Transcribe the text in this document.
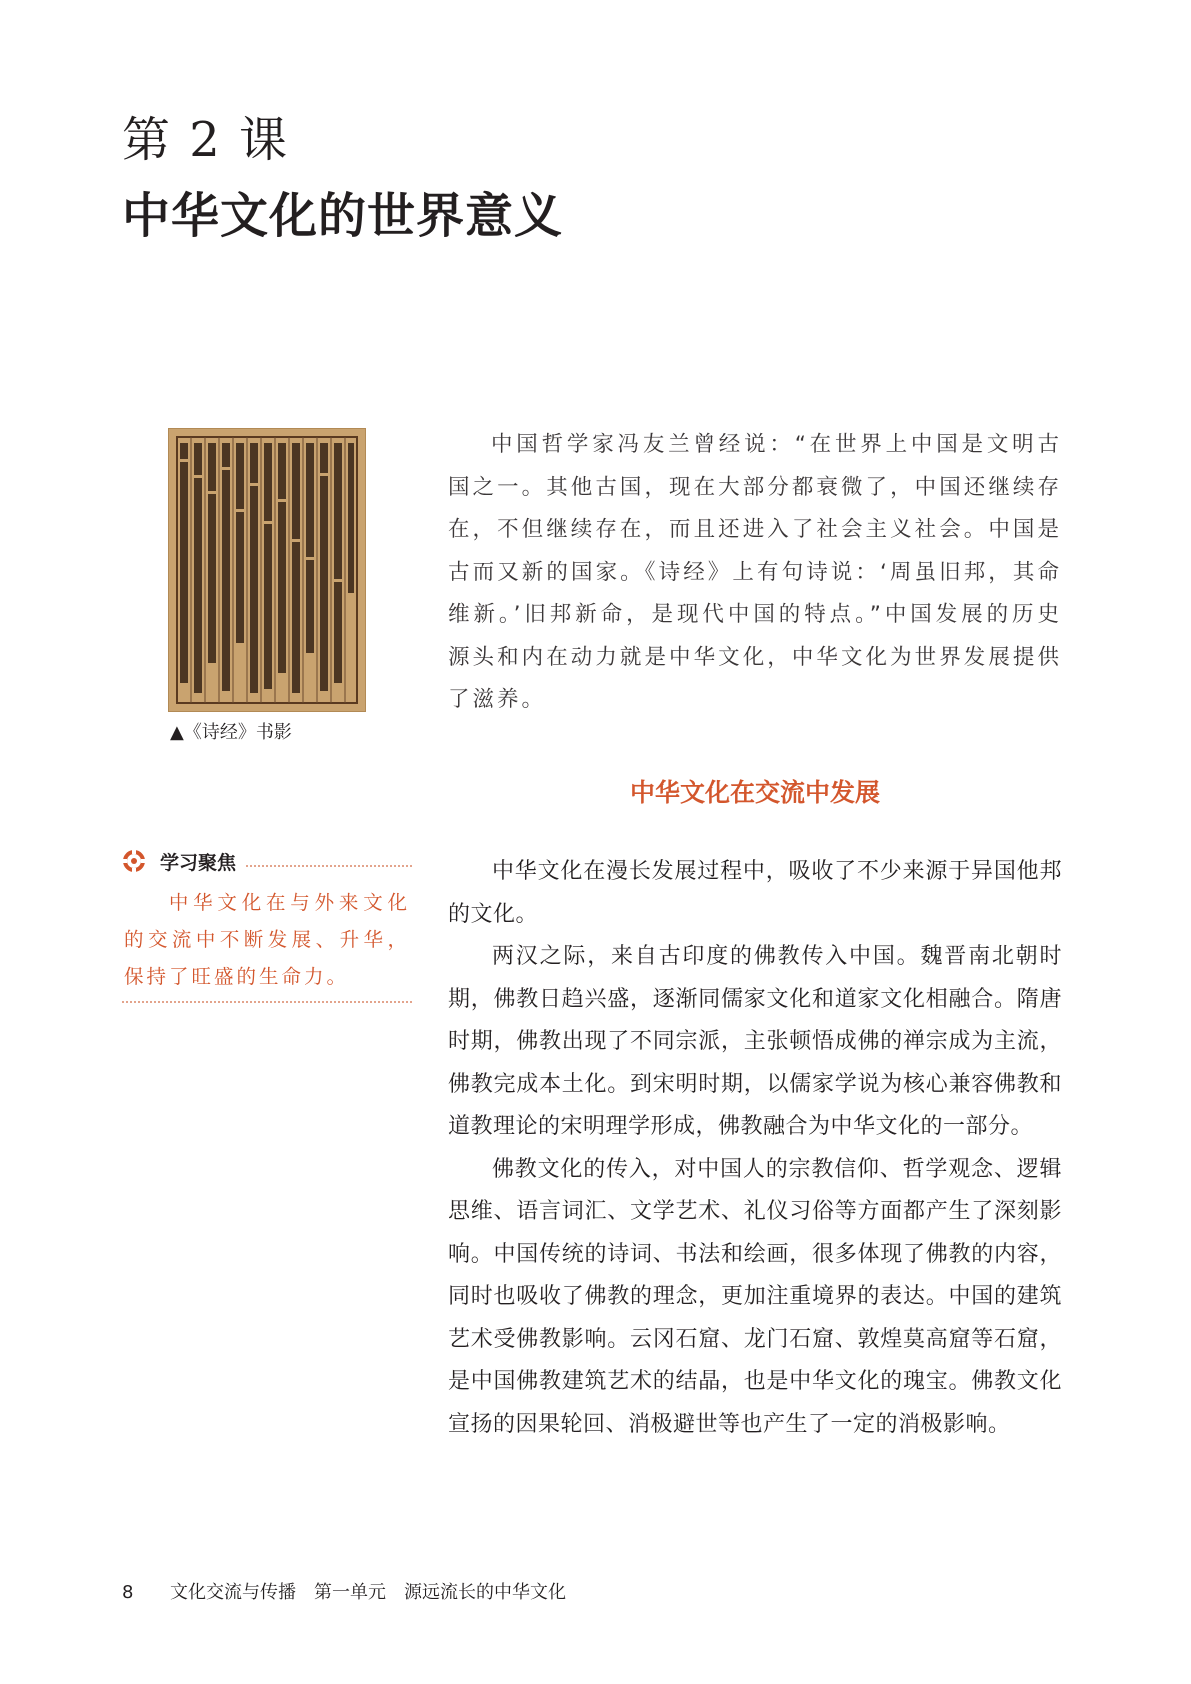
第 2 课
中华文化的世界意义
▲《诗经》书影

中国哲学家冯友兰曾经说：“在世界上中国是文明古国之一。其他古国，现在大部分都衰微了，中国还继续存在，不但继续存在，而且还进入了社会主义社会。中国是古而又新的国家。《诗经》上有句诗说：‘周虽旧邦，其命维新。’旧邦新命，是现代中国的特点。”中国发展的历史源头和内在动力就是中华文化，中华文化为世界发展提供了滋养。

中华文化在交流中发展
学习聚焦
中华文化在与外来文化的交流中不断发展、升华，保持了旺盛的生命力。

中华文化在漫长发展过程中，吸收了不少来源于异国他邦的文化。

两汉之际，来自古印度的佛教传入中国。魏晋南北朝时期，佛教日趋兴盛，逐渐同儒家文化和道家文化相融合。隋唐时期，佛教出现了不同宗派，主张顿悟成佛的禅宗成为主流，佛教完成本土化。到宋明时期，以儒家学说为核心兼容佛教和道教理论的宋明理学形成，佛教融合为中华文化的一部分。

佛教文化的传入，对中国人的宗教信仰、哲学观念、逻辑思维、语言词汇、文学艺术、礼仪习俗等方面都产生了深刻影响。中国传统的诗词、书法和绘画，很多体现了佛教的内容，同时也吸收了佛教的理念，更加注重境界的表达。中国的建筑艺术受佛教影响。云冈石窟、龙门石窟、敦煌莫高窟等石窟，是中国佛教建筑艺术的结晶，也是中华文化的瑰宝。佛教文化宣扬的因果轮回、消极避世等也产生了一定的消极影响。

8 文化交流与传播 第一单元 源远流长的中华文化
